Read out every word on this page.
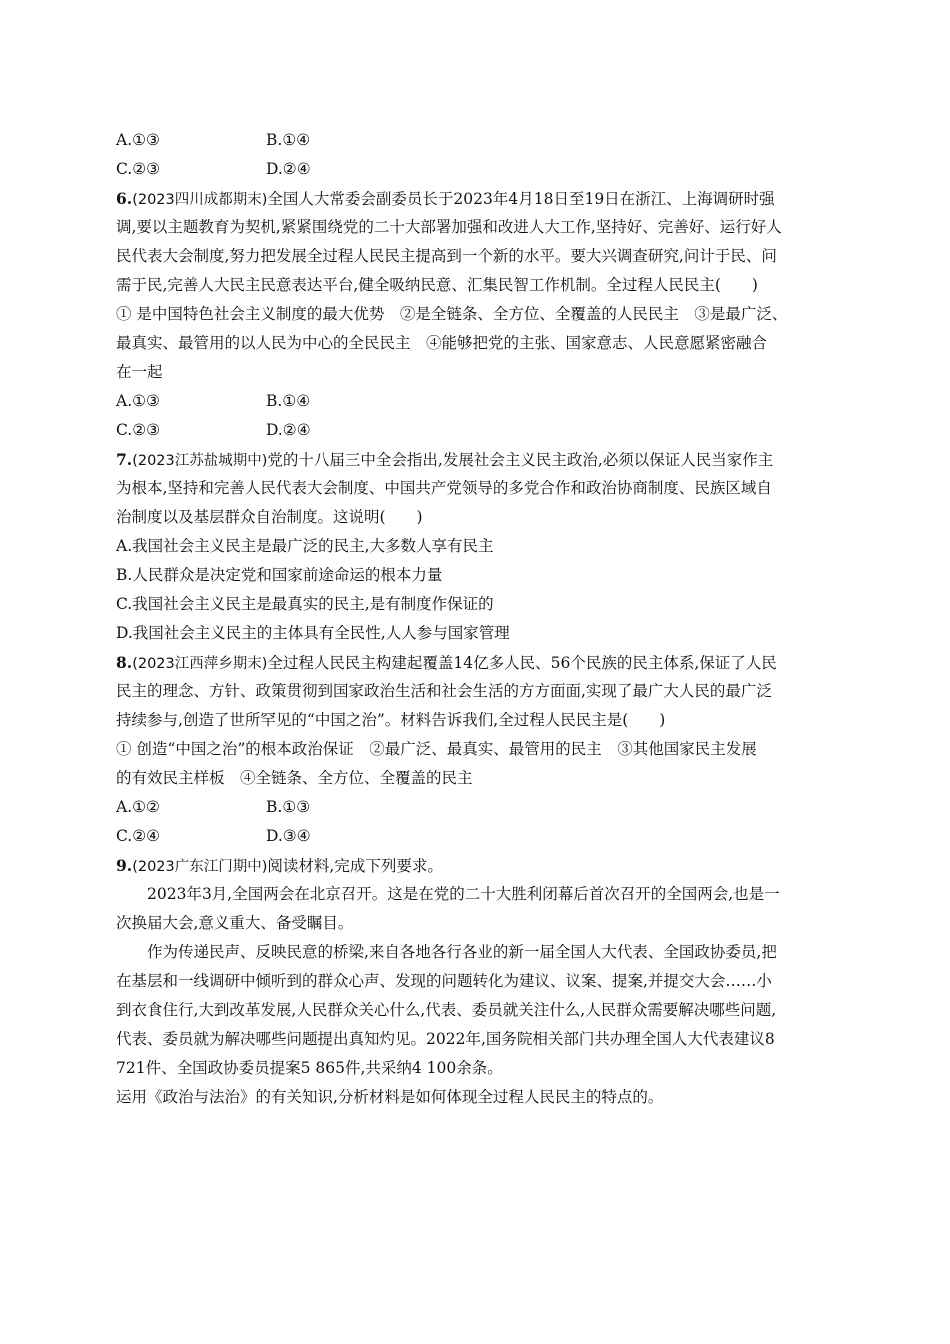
A.①③	B.①④
C.②③	D.②④
6.(2023四川成都期末)全国人大常委会副委员长于2023年4月18日至19日在浙江、上海调研时强
调,要以主题教育为契机,紧紧围绕党的二十大部署加强和改进人大工作,坚持好、完善好、运行好人
民代表大会制度,努力把发展全过程人民民主提高到一个新的水平。要大兴调查研究,问计于民、问
需于民,完善人大民主民意表达平台,健全吸纳民意、汇集民智工作机制。全过程人民民主(　　)
① 是中国特色社会主义制度的最大优势　②是全链条、全方位、全覆盖的人民民主　③是最广泛、
最真实、最管用的以人民为中心的全民民主　④能够把党的主张、国家意志、人民意愿紧密融合
在一起
A.①③	B.①④
C.②③	D.②④
7.(2023江苏盐城期中)党的十八届三中全会指出,发展社会主义民主政治,必须以保证人民当家作主
为根本,坚持和完善人民代表大会制度、中国共产党领导的多党合作和政治协商制度、民族区域自
治制度以及基层群众自治制度。这说明(　　)
A.我国社会主义民主是最广泛的民主,大多数人享有民主
B.人民群众是决定党和国家前途命运的根本力量
C.我国社会主义民主是最真实的民主,是有制度作保证的
D.我国社会主义民主的主体具有全民性,人人参与国家管理
8.(2023江西萍乡期末)全过程人民民主构建起覆盖14亿多人民、56个民族的民主体系,保证了人民
民主的理念、方针、政策贯彻到国家政治生活和社会生活的方方面面,实现了最广大人民的最广泛
持续参与,创造了世所罕见的“中国之治”。材料告诉我们,全过程人民民主是(　　)
① 创造“中国之治”的根本政治保证　②最广泛、最真实、最管用的民主　③其他国家民主发展
的有效民主样板　④全链条、全方位、全覆盖的民主
A.①②	B.①③
C.②④	D.③④
9.(2023广东江门期中)阅读材料,完成下列要求。
2023年3月,全国两会在北京召开。这是在党的二十大胜利闭幕后首次召开的全国两会,也是一
次换届大会,意义重大、备受瞩目。
作为传递民声、反映民意的桥梁,来自各地各行各业的新一届全国人大代表、全国政协委员,把
在基层和一线调研中倾听到的群众心声、发现的问题转化为建议、议案、提案,并提交大会……小
到衣食住行,大到改革发展,人民群众关心什么,代表、委员就关注什么,人民群众需要解决哪些问题,
代表、委员就为解决哪些问题提出真知灼见。2022年,国务院相关部门共办理全国人大代表建议8
721件、全国政协委员提案5 865件,共采纳4 100余条。
运用《政治与法治》的有关知识,分析材料是如何体现全过程人民民主的特点的。
